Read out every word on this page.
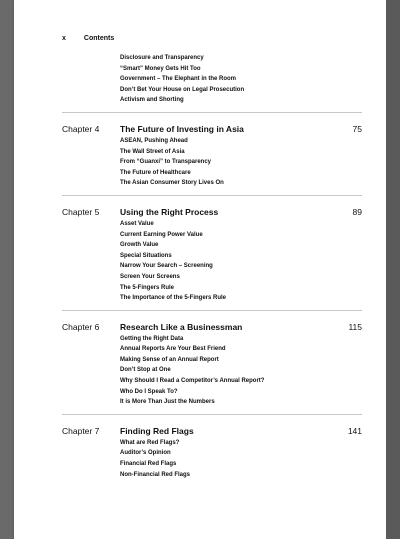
x	Contents
Disclosure and Transparency
“Smart” Money Gets Hit Too
Government – The Elephant in the Room
Don’t Bet Your House on Legal Prosecution
Activism and Shorting
Chapter 4	The Future of Investing in Asia	75
ASEAN, Pushing Ahead
The Wall Street of Asia
From “Guanxi” to Transparency
The Future of Healthcare
The Asian Consumer Story Lives On
Chapter 5	Using the Right Process	89
Asset Value
Current Earning Power Value
Growth Value
Special Situations
Narrow Your Search – Screening
Screen Your Screens
The 5-Fingers Rule
The Importance of the 5-Fingers Rule
Chapter 6	Research Like a Businessman	115
Getting the Right Data
Annual Reports Are Your Best Friend
Making Sense of an Annual Report
Don’t Stop at One
Why Should I Read a Competitor’s Annual Report?
Who Do I Speak To?
It is More Than Just the Numbers
Chapter 7	Finding Red Flags	141
What are Red Flags?
Auditor’s Opinion
Financial Red Flags
Non-Financial Red Flags
